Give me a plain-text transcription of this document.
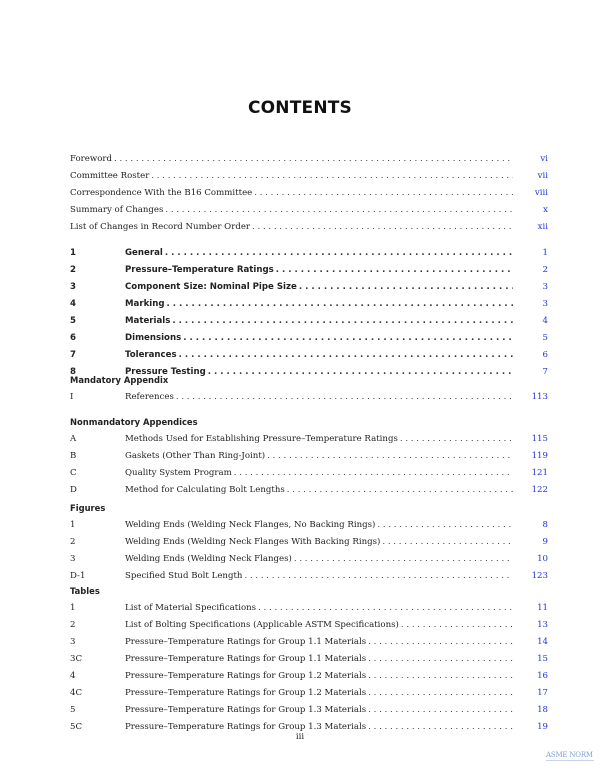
CONTENTS
Foreword . . .	vi
Committee Roster . . .	vii
Correspondence With the B16 Committee . . .	viii
Summary of Changes . . .	x
List of Changes in Record Number Order . . .	xii
1	General . . .	1
2	Pressure–Temperature Ratings . . .	2
3	Component Size: Nominal Pipe Size . . .	3
4	Marking . . .	3
5	Materials . . .	4
6	Dimensions . . .	5
7	Tolerances . . .	6
8	Pressure Testing . . .	7
Mandatory Appendix
I	References . . .	113
Nonmandatory Appendices
A	Methods Used for Establishing Pressure–Temperature Ratings . . .	115
B	Gaskets (Other Than Ring-Joint) . . .	119
C	Quality System Program . . .	121
D	Method for Calculating Bolt Lengths . . .	122
Figures
1	Welding Ends (Welding Neck Flanges, No Backing Rings) . . .	8
2	Welding Ends (Welding Neck Flanges With Backing Rings) . . .	9
3	Welding Ends (Welding Neck Flanges) . . .	10
D-1	Specified Stud Bolt Length . . .	123
Tables
1	List of Material Specifications . . .	11
2	List of Bolting Specifications (Applicable ASTM Specifications) . . .	13
3	Pressure–Temperature Ratings for Group 1.1 Materials . . .	14
3C	Pressure–Temperature Ratings for Group 1.1 Materials . . .	15
4	Pressure–Temperature Ratings for Group 1.2 Materials . . .	16
4C	Pressure–Temperature Ratings for Group 1.2 Materials . . .	17
5	Pressure–Temperature Ratings for Group 1.3 Materials . . .	18
5C	Pressure–Temperature Ratings for Group 1.3 Materials . . .	19
iii
ASME NORM
